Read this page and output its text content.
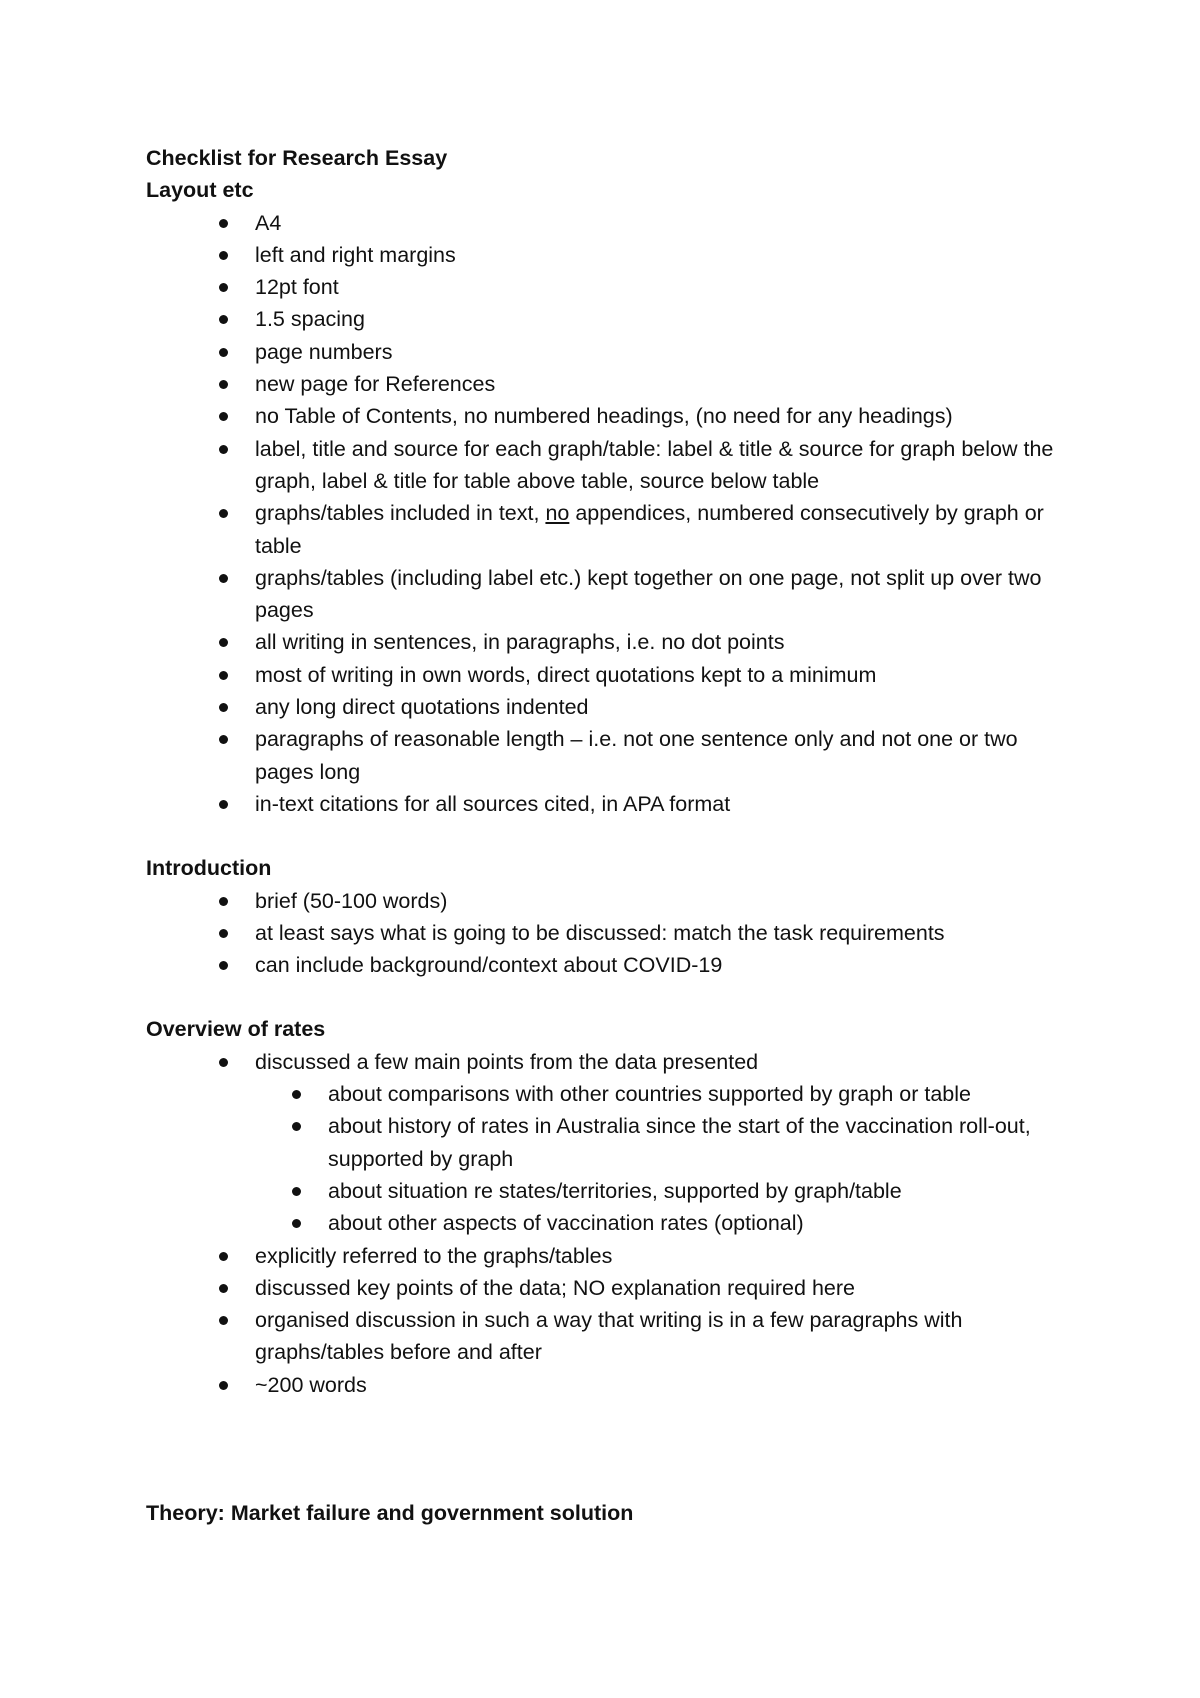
Checklist for Research Essay

Layout etc

A4
left and right margins
12pt font
1.5 spacing
page numbers
new page for References
no Table of Contents, no numbered headings, (no need for any headings)
label, title and source for each graph/table: label & title & source for graph below the graph, label & title for table above table, source below table
graphs/tables included in text, no appendices, numbered consecutively by graph or table
graphs/tables (including label etc.) kept together on one page, not split up over two pages
all writing in sentences, in paragraphs, i.e. no dot points
most of writing in own words, direct quotations kept to a minimum
any long direct quotations indented
paragraphs of reasonable length – i.e. not one sentence only and not one or two pages long
in-text citations for all sources cited, in APA format

Introduction

brief (50-100 words)
at least says what is going to be discussed: match the task requirements
can include background/context about COVID-19

Overview of rates

discussed a few main points from the data presented
about comparisons with other countries supported by graph or table
about history of rates in Australia since the start of the vaccination roll-out, supported by graph
about situation re states/territories, supported by graph/table
about other aspects of vaccination rates (optional)
explicitly referred to the graphs/tables
discussed key points of the data; NO explanation required here
organised discussion in such a way that writing is in a few paragraphs with graphs/tables before and after
~200 words

Theory: Market failure and government solution
